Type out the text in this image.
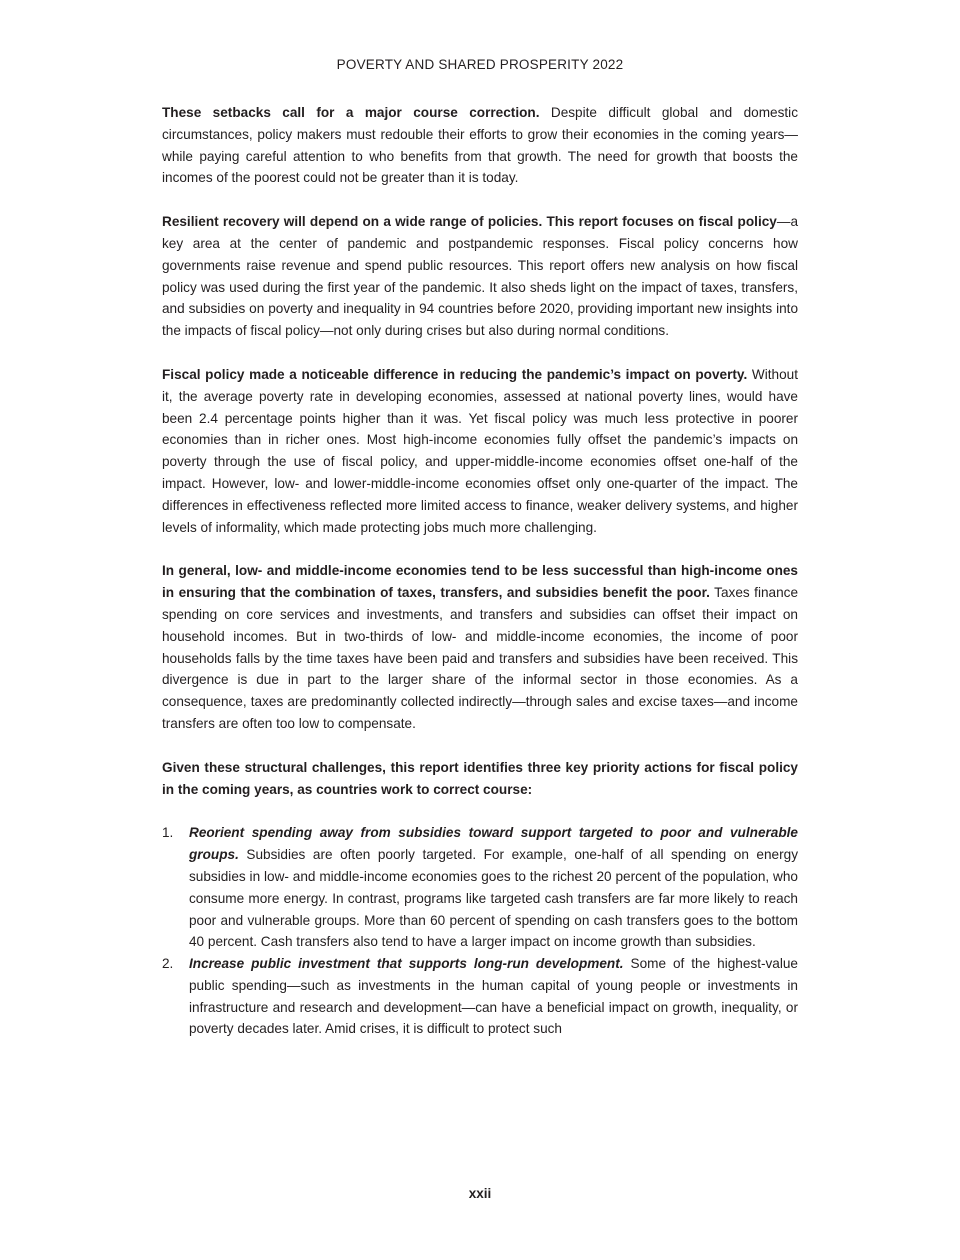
POVERTY AND SHARED PROSPERITY 2022

These setbacks call for a major course correction. Despite difficult global and domestic circumstances, policy makers must redouble their efforts to grow their economies in the coming years—while paying careful attention to who benefits from that growth. The need for growth that boosts the incomes of the poorest could not be greater than it is today.

Resilient recovery will depend on a wide range of policies. This report focuses on fiscal policy—a key area at the center of pandemic and postpandemic responses. Fiscal policy concerns how governments raise revenue and spend public resources. This report offers new analysis on how fiscal policy was used during the first year of the pandemic. It also sheds light on the impact of taxes, transfers, and subsidies on poverty and inequality in 94 countries before 2020, providing important new insights into the impacts of fiscal policy—not only during crises but also during normal conditions.

Fiscal policy made a noticeable difference in reducing the pandemic’s impact on poverty. Without it, the average poverty rate in developing economies, assessed at national poverty lines, would have been 2.4 percentage points higher than it was. Yet fiscal policy was much less protective in poorer economies than in richer ones. Most high-income economies fully offset the pandemic’s impacts on poverty through the use of fiscal policy, and upper-middle-income economies offset one-half of the impact. However, low- and lower-middle-income economies offset only one-quarter of the impact. The differences in effectiveness reflected more limited access to finance, weaker delivery systems, and higher levels of informality, which made protecting jobs much more challenging.

In general, low- and middle-income economies tend to be less successful than high-income ones in ensuring that the combination of taxes, transfers, and subsidies benefit the poor. Taxes finance spending on core services and investments, and transfers and subsidies can offset their impact on household incomes. But in two-thirds of low- and middle-income economies, the income of poor households falls by the time taxes have been paid and transfers and subsidies have been received. This divergence is due in part to the larger share of the informal sector in those economies. As a consequence, taxes are predominantly collected indirectly—through sales and excise taxes—and income transfers are often too low to compensate.

Given these structural challenges, this report identifies three key priority actions for fiscal policy in the coming years, as countries work to correct course:

1. Reorient spending away from subsidies toward support targeted to poor and vulnerable groups. Subsidies are often poorly targeted. For example, one-half of all spending on energy subsidies in low- and middle-income economies goes to the richest 20 percent of the population, who consume more energy. In contrast, programs like targeted cash transfers are far more likely to reach poor and vulnerable groups. More than 60 percent of spending on cash transfers goes to the bottom 40 percent. Cash transfers also tend to have a larger impact on income growth than subsidies.
2. Increase public investment that supports long-run development. Some of the highest-value public spending—such as investments in the human capital of young people or investments in infrastructure and research and development—can have a beneficial impact on growth, inequality, or poverty decades later. Amid crises, it is difficult to protect such
xxii
